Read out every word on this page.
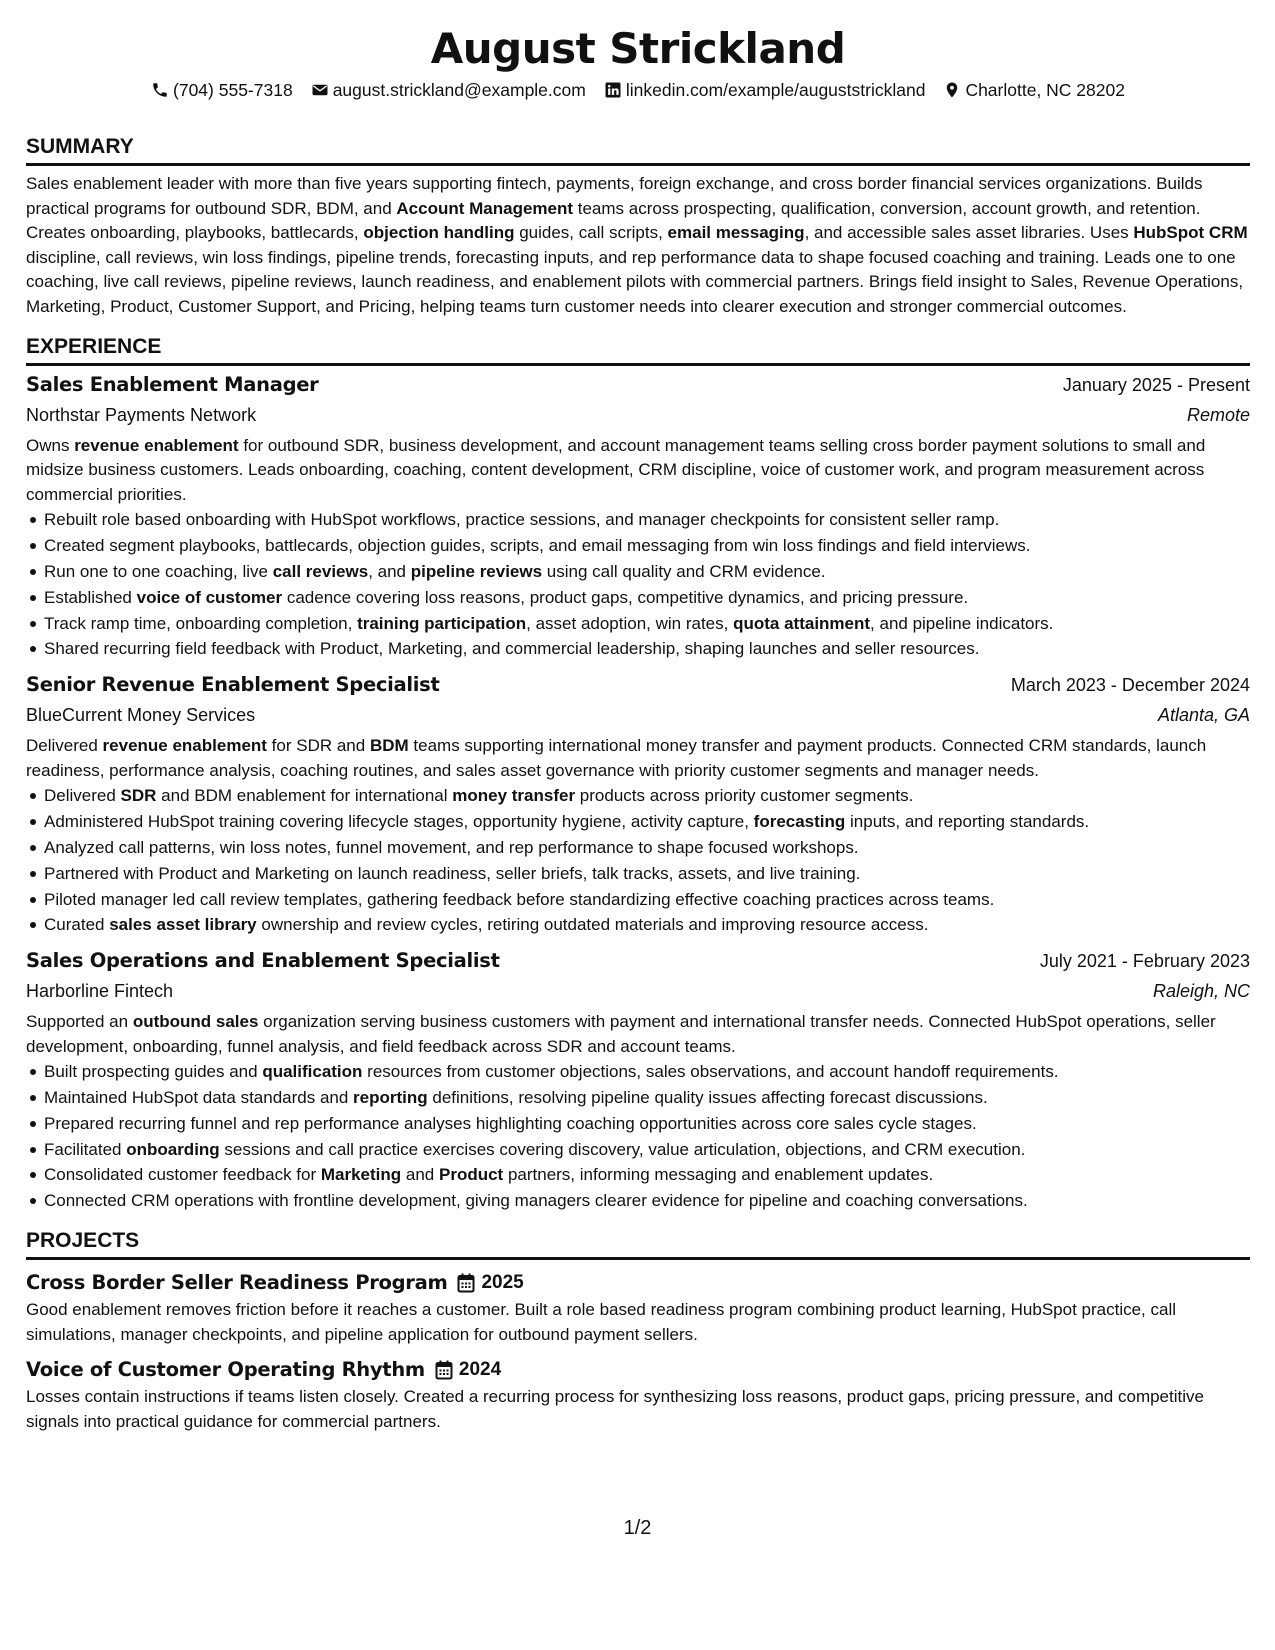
August Strickland
(704) 555-7318 august.strickland@example.com linkedin.com/example/auguststrickland Charlotte, NC 28202
SUMMARY

Sales enablement leader with more than five years supporting fintech, payments, foreign exchange, and cross border financial services organizations. Builds practical programs for outbound SDR, BDM, and Account Management teams across prospecting, qualification, conversion, account growth, and retention. Creates onboarding, playbooks, battlecards, objection handling guides, call scripts, email messaging, and accessible sales asset libraries. Uses HubSpot CRM discipline, call reviews, win loss findings, pipeline trends, forecasting inputs, and rep performance data to shape focused coaching and training. Leads one to one coaching, live call reviews, pipeline reviews, launch readiness, and enablement pilots with commercial partners. Brings field insight to Sales, Revenue Operations, Marketing, Product, Customer Support, and Pricing, helping teams turn customer needs into clearer execution and stronger commercial outcomes.

EXPERIENCE
Sales Enablement Manager	January 2025 - Present
Northstar Payments Network	Remote

Owns revenue enablement for outbound SDR, business development, and account management teams selling cross border payment solutions to small and midsize business customers. Leads onboarding, coaching, content development, CRM discipline, voice of customer work, and program measurement across commercial priorities.

Rebuilt role based onboarding with HubSpot workflows, practice sessions, and manager checkpoints for consistent seller ramp.
Created segment playbooks, battlecards, objection guides, scripts, and email messaging from win loss findings and field interviews.
Run one to one coaching, live call reviews, and pipeline reviews using call quality and CRM evidence.
Established voice of customer cadence covering loss reasons, product gaps, competitive dynamics, and pricing pressure.
Track ramp time, onboarding completion, training participation, asset adoption, win rates, quota attainment, and pipeline indicators.
Shared recurring field feedback with Product, Marketing, and commercial leadership, shaping launches and seller resources.
Senior Revenue Enablement Specialist	March 2023 - December 2024
BlueCurrent Money Services	Atlanta, GA

Delivered revenue enablement for SDR and BDM teams supporting international money transfer and payment products. Connected CRM standards, launch readiness, performance analysis, coaching routines, and sales asset governance with priority customer segments and manager needs.

Delivered SDR and BDM enablement for international money transfer products across priority customer segments.
Administered HubSpot training covering lifecycle stages, opportunity hygiene, activity capture, forecasting inputs, and reporting standards.
Analyzed call patterns, win loss notes, funnel movement, and rep performance to shape focused workshops.
Partnered with Product and Marketing on launch readiness, seller briefs, talk tracks, assets, and live training.
Piloted manager led call review templates, gathering feedback before standardizing effective coaching practices across teams.
Curated sales asset library ownership and review cycles, retiring outdated materials and improving resource access.
Sales Operations and Enablement Specialist	July 2021 - February 2023
Harborline Fintech	Raleigh, NC

Supported an outbound sales organization serving business customers with payment and international transfer needs. Connected HubSpot operations, seller development, onboarding, funnel analysis, and field feedback across SDR and account teams.

Built prospecting guides and qualification resources from customer objections, sales observations, and account handoff requirements.
Maintained HubSpot data standards and reporting definitions, resolving pipeline quality issues affecting forecast discussions.
Prepared recurring funnel and rep performance analyses highlighting coaching opportunities across core sales cycle stages.
Facilitated onboarding sessions and call practice exercises covering discovery, value articulation, objections, and CRM execution.
Consolidated customer feedback for Marketing and Product partners, informing messaging and enablement updates.
Connected CRM operations with frontline development, giving managers clearer evidence for pipeline and coaching conversations.
PROJECTS
Cross Border Seller Readiness Program 2025

Good enablement removes friction before it reaches a customer. Built a role based readiness program combining product learning, HubSpot practice, call simulations, manager checkpoints, and pipeline application for outbound payment sellers.

Voice of Customer Operating Rhythm 2024

Losses contain instructions if teams listen closely. Created a recurring process for synthesizing loss reasons, product gaps, pricing pressure, and competitive signals into practical guidance for commercial partners.

1/2
